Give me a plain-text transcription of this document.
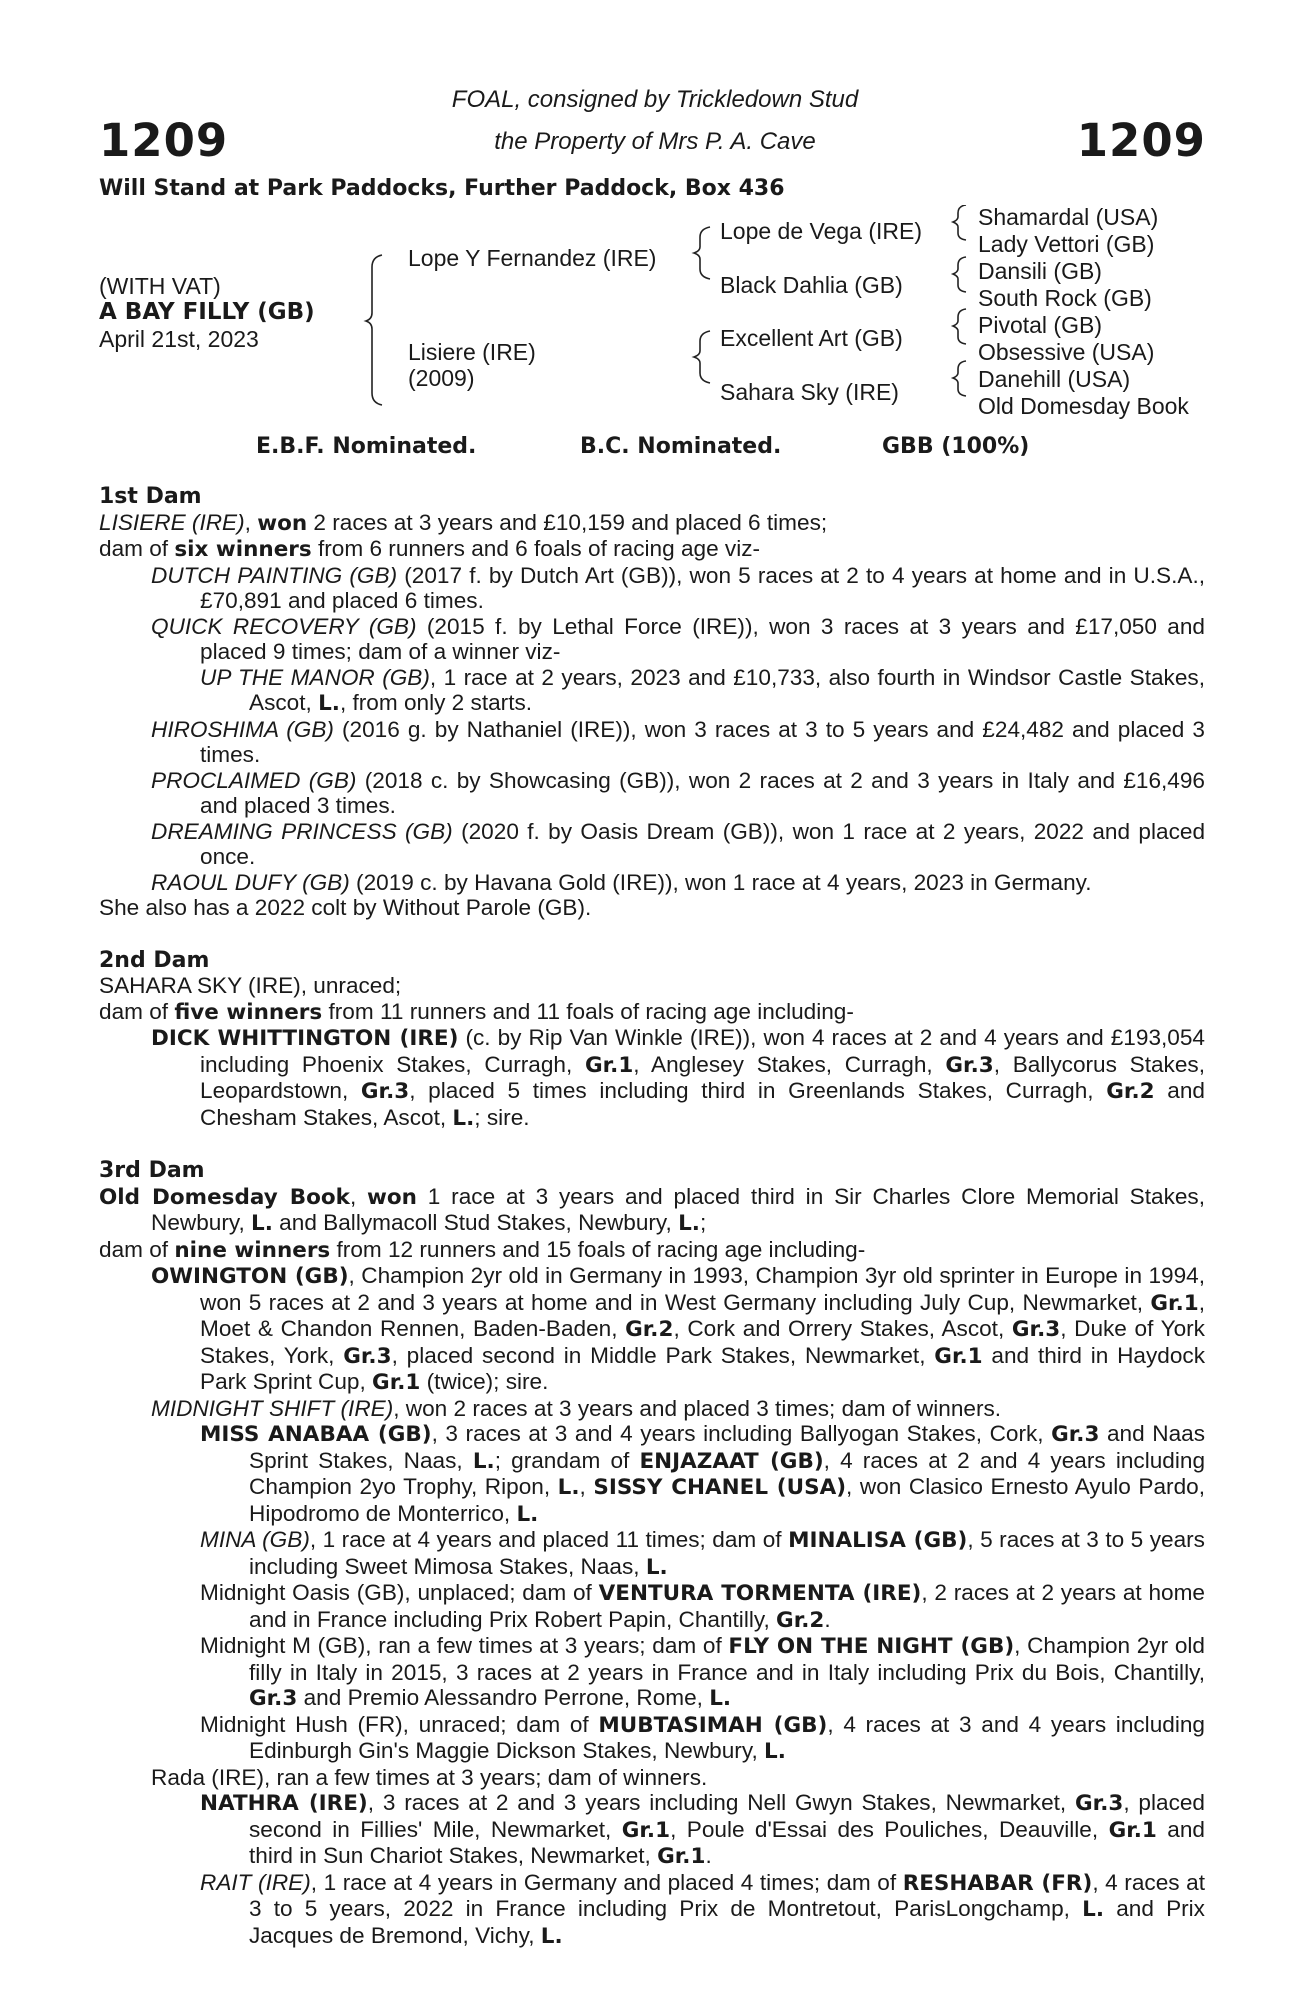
1209	1209
FOAL, consigned by Trickledown Stud
the Property of Mrs P. A. Cave
Will Stand at Park Paddocks, Further Paddock, Box 436
(WITH VAT)
A BAY FILLY (GB)
April 21st, 2023
Lope Y Fernandez (IRE)
Lisiere (IRE)
(2009)
Lope de Vega (IRE)
Black Dahlia (GB)
Excellent Art (GB)
Sahara Sky (IRE)
Shamardal (USA)
Lady Vettori (GB)
Dansili (GB)
South Rock (GB)
Pivotal (GB)
Obsessive (USA)
Danehill (USA)
Old Domesday Book
E.B.F. Nominated.	B.C. Nominated.	GBB (100%)

1st Dam

LISIERE (IRE), won 2 races at 3 years and £10,159 and placed 6 times;

dam of six winners from 6 runners and 6 foals of racing age viz-

DUTCH PAINTING (GB) (2017 f. by Dutch Art (GB)), won 5 races at 2 to 4 years at home and in U.S.A., £70,891 and placed 6 times.

QUICK RECOVERY (GB) (2015 f. by Lethal Force (IRE)), won 3 races at 3 years and £17,050 and placed 9 times; dam of a winner viz-

UP THE MANOR (GB), 1 race at 2 years, 2023 and £10,733, also fourth in Windsor Castle Stakes, Ascot, L., from only 2 starts.

HIROSHIMA (GB) (2016 g. by Nathaniel (IRE)), won 3 races at 3 to 5 years and £24,482 and placed 3 times.

PROCLAIMED (GB) (2018 c. by Showcasing (GB)), won 2 races at 2 and 3 years in Italy and £16,496 and placed 3 times.

DREAMING PRINCESS (GB) (2020 f. by Oasis Dream (GB)), won 1 race at 2 years, 2022 and placed once.

RAOUL DUFY (GB) (2019 c. by Havana Gold (IRE)), won 1 race at 4 years, 2023 in Germany.

She also has a 2022 colt by Without Parole (GB).

2nd Dam

SAHARA SKY (IRE), unraced;

dam of five winners from 11 runners and 11 foals of racing age including-

DICK WHITTINGTON (IRE) (c. by Rip Van Winkle (IRE)), won 4 races at 2 and 4 years and £193,054 including Phoenix Stakes, Curragh, Gr.1, Anglesey Stakes, Curragh, Gr.3, Ballycorus Stakes, Leopardstown, Gr.3, placed 5 times including third in Greenlands Stakes, Curragh, Gr.2 and Chesham Stakes, Ascot, L.; sire.

3rd Dam

Old Domesday Book, won 1 race at 3 years and placed third in Sir Charles Clore Memorial Stakes, Newbury, L. and Ballymacoll Stud Stakes, Newbury, L.;

dam of nine winners from 12 runners and 15 foals of racing age including-

OWINGTON (GB), Champion 2yr old in Germany in 1993, Champion 3yr old sprinter in Europe in 1994, won 5 races at 2 and 3 years at home and in West Germany including July Cup, Newmarket, Gr.1, Moet & Chandon Rennen, Baden-Baden, Gr.2, Cork and Orrery Stakes, Ascot, Gr.3, Duke of York Stakes, York, Gr.3, placed second in Middle Park Stakes, Newmarket, Gr.1 and third in Haydock Park Sprint Cup, Gr.1 (twice); sire.

MIDNIGHT SHIFT (IRE), won 2 races at 3 years and placed 3 times; dam of winners.

MISS ANABAA (GB), 3 races at 3 and 4 years including Ballyogan Stakes, Cork, Gr.3 and Naas Sprint Stakes, Naas, L.; grandam of ENJAZAAT (GB), 4 races at 2 and 4 years including Champion 2yo Trophy, Ripon, L., SISSY CHANEL (USA), won Clasico Ernesto Ayulo Pardo, Hipodromo de Monterrico, L.

MINA (GB), 1 race at 4 years and placed 11 times; dam of MINALISA (GB), 5 races at 3 to 5 years including Sweet Mimosa Stakes, Naas, L.

Midnight Oasis (GB), unplaced; dam of VENTURA TORMENTA (IRE), 2 races at 2 years at home and in France including Prix Robert Papin, Chantilly, Gr.2.

Midnight M (GB), ran a few times at 3 years; dam of FLY ON THE NIGHT (GB), Champion 2yr old filly in Italy in 2015, 3 races at 2 years in France and in Italy including Prix du Bois, Chantilly, Gr.3 and Premio Alessandro Perrone, Rome, L.

Midnight Hush (FR), unraced; dam of MUBTASIMAH (GB), 4 races at 3 and 4 years including Edinburgh Gin's Maggie Dickson Stakes, Newbury, L.

Rada (IRE), ran a few times at 3 years; dam of winners.

NATHRA (IRE), 3 races at 2 and 3 years including Nell Gwyn Stakes, Newmarket, Gr.3, placed second in Fillies' Mile, Newmarket, Gr.1, Poule d'Essai des Pouliches, Deauville, Gr.1 and third in Sun Chariot Stakes, Newmarket, Gr.1.

RAIT (IRE), 1 race at 4 years in Germany and placed 4 times; dam of RESHABAR (FR), 4 races at 3 to 5 years, 2022 in France including Prix de Montretout, ParisLongchamp, L. and Prix Jacques de Bremond, Vichy, L.
